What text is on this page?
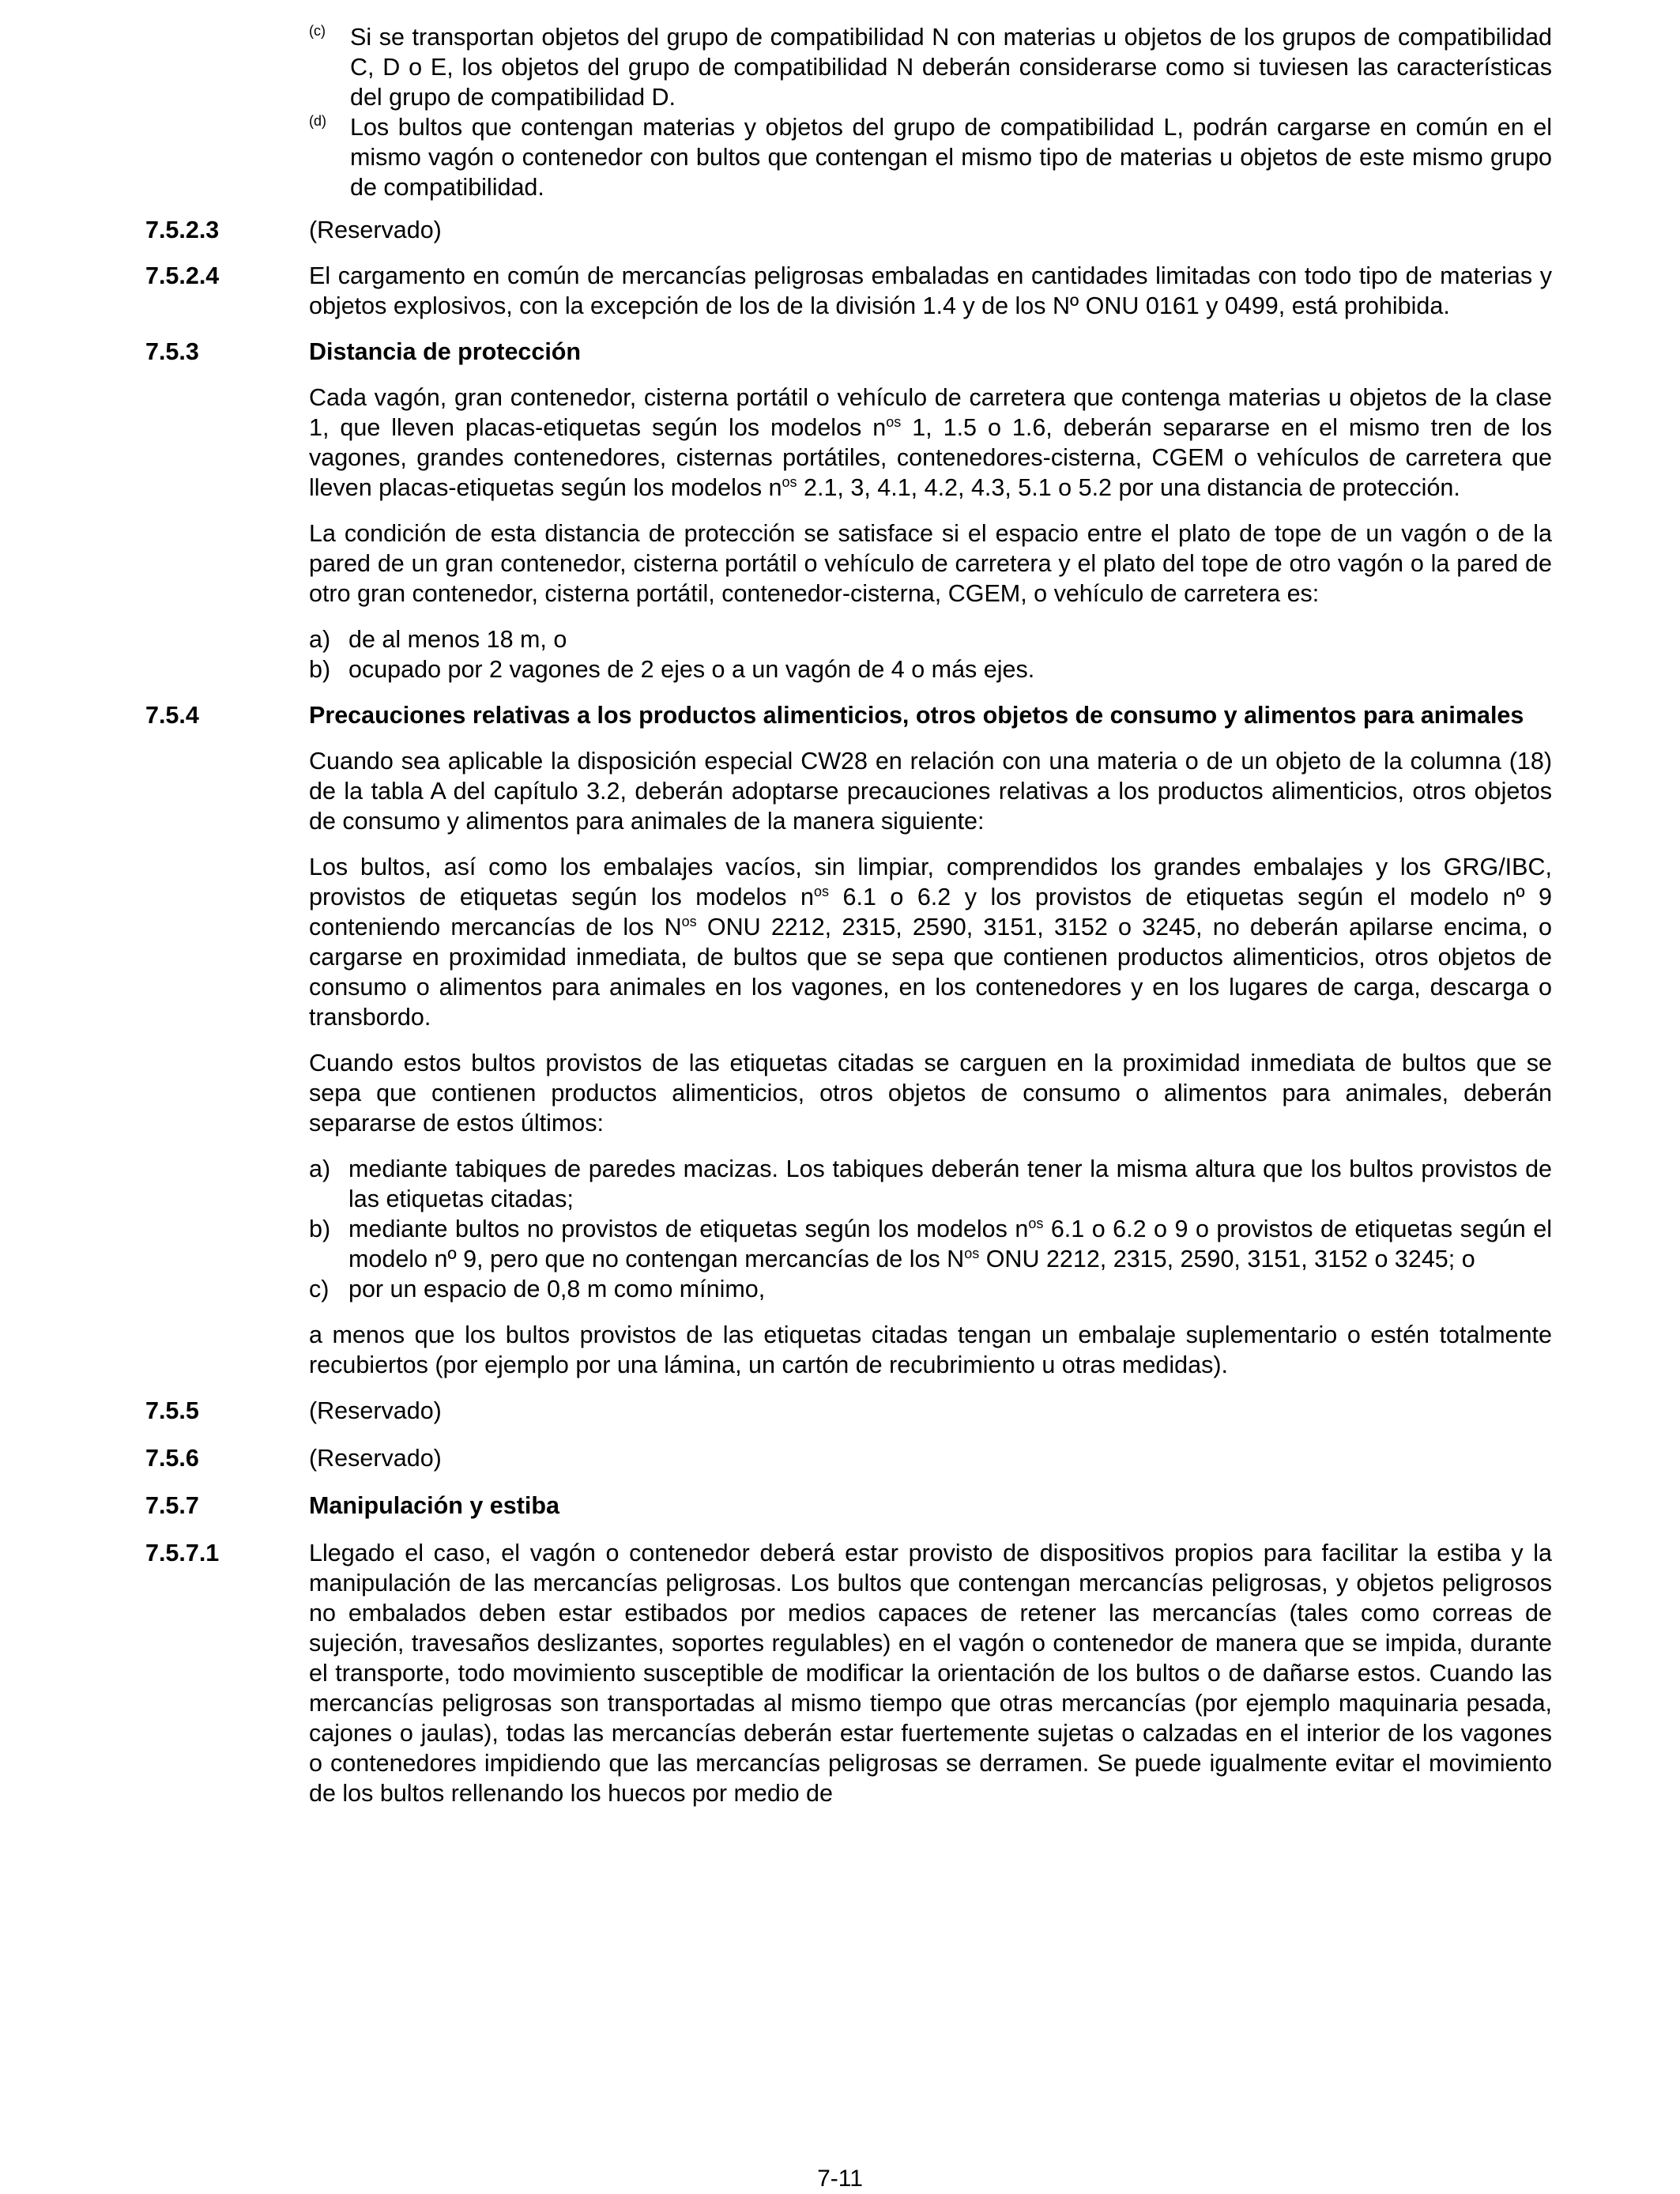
(c)	Si se transportan objetos del grupo de compatibilidad N con materias u objetos de los grupos de compatibilidad C, D o E, los objetos del grupo de compatibilidad N deberán considerarse como si tuviesen las características del grupo de compatibilidad D.
(d) Los bultos que contengan materias y objetos del grupo de compatibilidad L, podrán cargarse en común en el mismo vagón o contenedor con bultos que contengan el mismo tipo de materias u objetos de este mismo grupo de compatibilidad.
7.5.2.3	(Reservado)
7.5.2.4	El cargamento en común de mercancías peligrosas embaladas en cantidades limitadas con todo tipo de materias y objetos explosivos, con la excepción de los de la división 1.4 y de los Nº ONU 0161 y 0499, está prohibida.
7.5.3	Distancia de protección
Cada vagón, gran contenedor, cisterna portátil o vehículo de carretera que contenga materias u objetos de la clase 1, que lleven placas-etiquetas según los modelos $n^{os}$ 1, 1.5 o 1.6, deberán separarse en el mismo tren de los vagones, grandes contenedores, cisternas portátiles, contenedores-cisterna, CGEM o vehículos de carretera que lleven placas-etiquetas según los modelos $n^{os}$ 2.1, 3, 4.1, 4.2, 4.3, 5.1 o 5.2 por una distancia de protección.
La condición de esta distancia de protección se satisface si el espacio entre el plato de tope de un vagón o de la pared de un gran contenedor, cisterna portátil o vehículo de carretera y el plato del tope de otro vagón o la pared de otro gran contenedor, cisterna portátil, contenedor-cisterna, CGEM, o vehículo de carretera es:
a) de al menos 18 m, o
b) ocupado por 2 vagones de 2 ejes o a un vagón de 4 o más ejes.
7.5.4	Precauciones relativas a los productos alimenticios, otros objetos de consumo y alimentos para animales
Cuando sea aplicable la disposición especial CW28 en relación con una materia o de un objeto de la columna (18) de la tabla A del capítulo 3.2, deberán adoptarse precauciones relativas a los productos alimenticios, otros objetos de consumo y alimentos para animales de la manera siguiente:
Los bultos, así como los embalajes vacíos, sin limpiar, comprendidos los grandes embalajes y los GRG/IBC, provistos de etiquetas según los modelos $n^{os}$ 6.1 o 6.2 y los provistos de etiquetas según el modelo nº 9 conteniendo mercancías de los $N^{os}$ ONU 2212, 2315, 2590, 3151, 3152 o 3245, no deberán apilarse encima, o cargarse en proximidad inmediata, de bultos que se sepa que contienen productos alimenticios, otros objetos de consumo o alimentos para animales en los vagones, en los contenedores y en los lugares de carga, descarga o transbordo.
Cuando estos bultos provistos de las etiquetas citadas se carguen en la proximidad inmediata de bultos que se sepa que contienen productos alimenticios, otros objetos de consumo o alimentos para animales, deberán separarse de estos últimos:
a) mediante tabiques de paredes macizas. Los tabiques deberán tener la misma altura que los bultos provistos de las etiquetas citadas;
b) mediante bultos no provistos de etiquetas según los modelos $n^{os}$ 6.1 o 6.2 o 9 o provistos de etiquetas según el modelo nº 9, pero que no contengan mercancías de los $N^{os}$ ONU 2212, 2315, 2590, 3151, 3152 o 3245; o
c) por un espacio de 0,8 m como mínimo,
a menos que los bultos provistos de las etiquetas citadas tengan un embalaje suplementario o estén totalmente recubiertos (por ejemplo por una lámina, un cartón de recubrimiento u otras medidas).
7.5.5	(Reservado)
7.5.6	(Reservado)
7.5.7	Manipulación y estiba
7.5.7.1	Llegado el caso, el vagón o contenedor deberá estar provisto de dispositivos propios para facilitar la estiba y la manipulación de las mercancías peligrosas. Los bultos que contengan mercancías peligrosas, y objetos peligrosos no embalados deben estar estibados por medios capaces de retener las mercancías (tales como correas de sujeción, travesaños deslizantes, soportes regulables) en el vagón o contenedor de manera que se impida, durante el transporte, todo movimiento susceptible de modificar la orientación de los bultos o de dañarse estos. Cuando las mercancías peligrosas son transportadas al mismo tiempo que otras mercancías (por ejemplo maquinaria pesada, cajones o jaulas), todas las mercancías deberán estar fuertemente sujetas o calzadas en el interior de los vagones o contenedores impidiendo que las mercancías peligrosas se derramen. Se puede igualmente evitar el movimiento de los bultos rellenando los huecos por medio de
7-11
